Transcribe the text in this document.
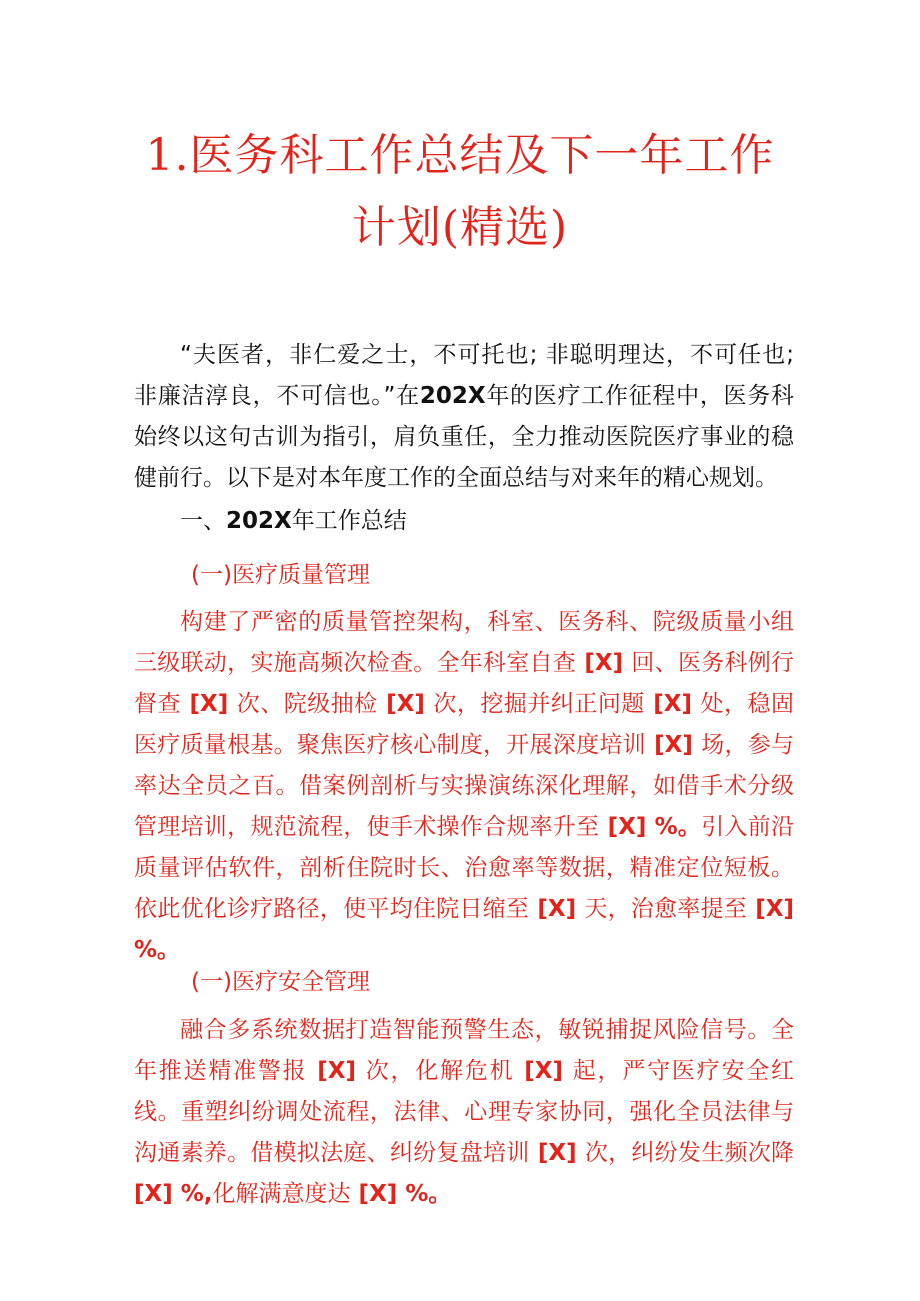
1.医务科工作总结及下一年工作
计划(精选)

“夫医者，非仁爱之士，不可托也; 非聪明理达，不可任也; 非廉洁淳良，不可信也。”在202X年的医疗工作征程中，医务科始终以这句古训为指引，肩负重任，全力推动医院医疗事业的稳健前行。以下是对本年度工作的全面总结与对来年的精心规划。

一、202X年工作总结
(一)医疗质量管理

构建了严密的质量管控架构，科室、医务科、院级质量小组三级联动，实施高频次检查。全年科室自查 [X] 回、医务科例行督查 [X] 次、院级抽检 [X] 次，挖掘并纠正问题 [X] 处，稳固医疗质量根基。聚焦医疗核心制度，开展深度培训 [X] 场，参与率达全员之百。借案例剖析与实操演练深化理解，如借手术分级管理培训，规范流程，使手术操作合规率升至 [X] %。引入前沿质量评估软件，剖析住院时长、治愈率等数据，精准定位短板。依此优化诊疗路径，使平均住院日缩至 [X] 天，治愈率提至 [X] %。

(一)医疗安全管理

融合多系统数据打造智能预警生态，敏锐捕捉风险信号。全年推送精准警报 [X] 次，化解危机 [X] 起，严守医疗安全红线。重塑纠纷调处流程，法律、心理专家协同，强化全员法律与沟通素养。借模拟法庭、纠纷复盘培训 [X] 次，纠纷发生频次降 [X] %,化解满意度达 [X] %。
